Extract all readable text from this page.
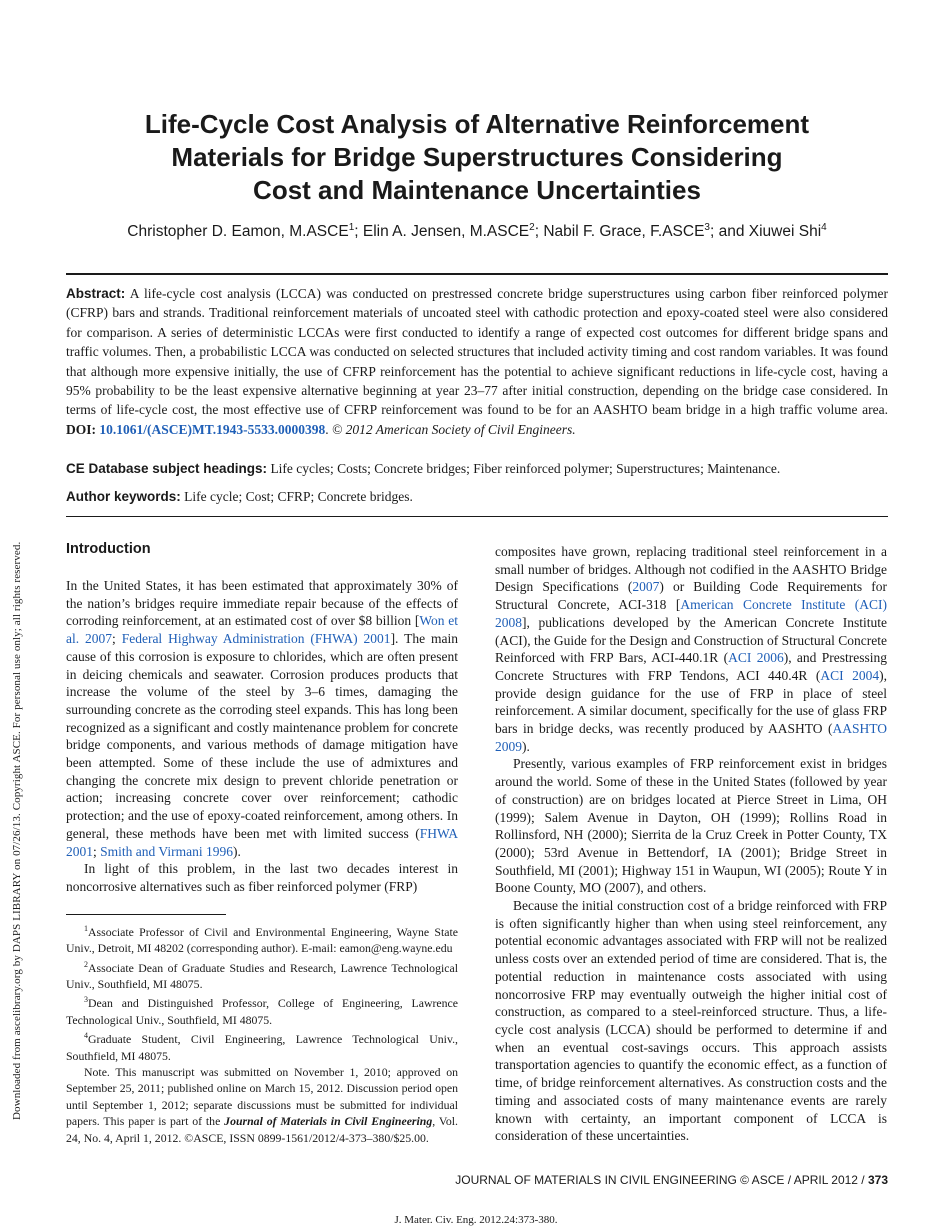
Downloaded from ascelibrary.org by DAPS LIBRARY on 07/26/13. Copyright ASCE. For personal use only; all rights reserved.
Life-Cycle Cost Analysis of Alternative Reinforcement
Materials for Bridge Superstructures Considering
Cost and Maintenance Uncertainties
Christopher D. Eamon, M.ASCE$^1$; Elin A. Jensen, M.ASCE$^2$; Nabil F. Grace, F.ASCE$^3$; and Xiuwei Shi$^4$
Abstract: A life-cycle cost analysis (LCCA) was conducted on prestressed concrete bridge superstructures using carbon fiber reinforced polymer (CFRP) bars and strands. Traditional reinforcement materials of uncoated steel with cathodic protection and epoxy-coated steel were also considered for comparison. A series of deterministic LCCAs were first conducted to identify a range of expected cost outcomes for different bridge spans and traffic volumes. Then, a probabilistic LCCA was conducted on selected structures that included activity timing and cost random variables. It was found that although more expensive initially, the use of CFRP reinforcement has the potential to achieve significant reductions in life-cycle cost, having a 95% probability to be the least expensive alternative beginning at year 23–77 after initial construction, depending on the bridge case considered. In terms of life-cycle cost, the most effective use of CFRP reinforcement was found to be for an AASHTO beam bridge in a high traffic volume area. DOI: 10.1061/(ASCE)MT.1943-5533.0000398. © 2012 American Society of Civil Engineers.
CE Database subject headings: Life cycles; Costs; Concrete bridges; Fiber reinforced polymer; Superstructures; Maintenance.
Author keywords: Life cycle; Cost; CFRP; Concrete bridges.
Introduction

In the United States, it has been estimated that approximately 30% of the nation’s bridges require immediate repair because of the effects of corroding reinforcement, at an estimated cost of over $8 billion [Won et al. 2007; Federal Highway Administration (FHWA) 2001]. The main cause of this corrosion is exposure to chlorides, which are often present in deicing chemicals and seawater. Corrosion produces products that increase the volume of the steel by 3–6 times, damaging the surrounding concrete as the corroding steel expands. This has long been recognized as a significant and costly maintenance problem for concrete bridge components, and various methods of damage mitigation have been attempted. Some of these include the use of admixtures and changing the concrete mix design to prevent chloride penetration or action; increasing concrete cover over reinforcement; cathodic protection; and the use of epoxy-coated reinforcement, among others. In general, these methods have been met with limited success (FHWA 2001; Smith and Virmani 1996).

In light of this problem, in the last two decades interest in noncorrosive alternatives such as fiber reinforced polymer (FRP)

$^1$Associate Professor of Civil and Environmental Engineering, Wayne State Univ., Detroit, MI 48202 (corresponding author). E-mail: eamon@eng.wayne.edu

$^2$Associate Dean of Graduate Studies and Research, Lawrence Technological Univ., Southfield, MI 48075.

$^3$Dean and Distinguished Professor, College of Engineering, Lawrence Technological Univ., Southfield, MI 48075.

$^4$Graduate Student, Civil Engineering, Lawrence Technological Univ., Southfield, MI 48075.

Note. This manuscript was submitted on November 1, 2010; approved on September 25, 2011; published online on March 15, 2012. Discussion period open until September 1, 2012; separate discussions must be submitted for individual papers. This paper is part of the Journal of Materials in Civil Engineering, Vol. 24, No. 4, April 1, 2012. ©ASCE, ISSN 0899-1561/2012/4-373–380/$25.00.

composites have grown, replacing traditional steel reinforcement in a small number of bridges. Although not codified in the AASHTO Bridge Design Specifications (2007) or Building Code Requirements for Structural Concrete, ACI-318 [American Concrete Institute (ACI) 2008], publications developed by the American Concrete Institute (ACI), the Guide for the Design and Construction of Structural Concrete Reinforced with FRP Bars, ACI-440.1R (ACI 2006), and Prestressing Concrete Structures with FRP Tendons, ACI 440.4R (ACI 2004), provide design guidance for the use of FRP in place of steel reinforcement. A similar document, specifically for the use of glass FRP bars in bridge decks, was recently produced by AASHTO (AASHTO 2009).

Presently, various examples of FRP reinforcement exist in bridges around the world. Some of these in the United States (followed by year of construction) are on bridges located at Pierce Street in Lima, OH (1999); Salem Avenue in Dayton, OH (1999); Rollins Road in Rollinsford, NH (2000); Sierrita de la Cruz Creek in Potter County, TX (2000); 53rd Avenue in Bettendorf, IA (2001); Bridge Street in Southfield, MI (2001); Highway 151 in Waupun, WI (2005); Route Y in Boone County, MO (2007), and others.

Because the initial construction cost of a bridge reinforced with FRP is often significantly higher than when using steel reinforcement, any potential economic advantages associated with FRP will not be realized unless costs over an extended period of time are considered. That is, the potential reduction in maintenance costs associated with using noncorrosive FRP may eventually outweigh the higher initial cost of construction, as compared to a steel-reinforced structure. Thus, a life-cycle cost analysis (LCCA) should be performed to determine if and when an eventual cost-savings occurs. This approach assists transportation agencies to quantify the economic effect, as a function of time, of bridge reinforcement alternatives. As construction costs and the timing and associated costs of many maintenance events are rarely known with certainty, an important component of LCCA is consideration of these uncertainties.

JOURNAL OF MATERIALS IN CIVIL ENGINEERING © ASCE / APRIL 2012 / 373
J. Mater. Civ. Eng. 2012.24:373-380.
